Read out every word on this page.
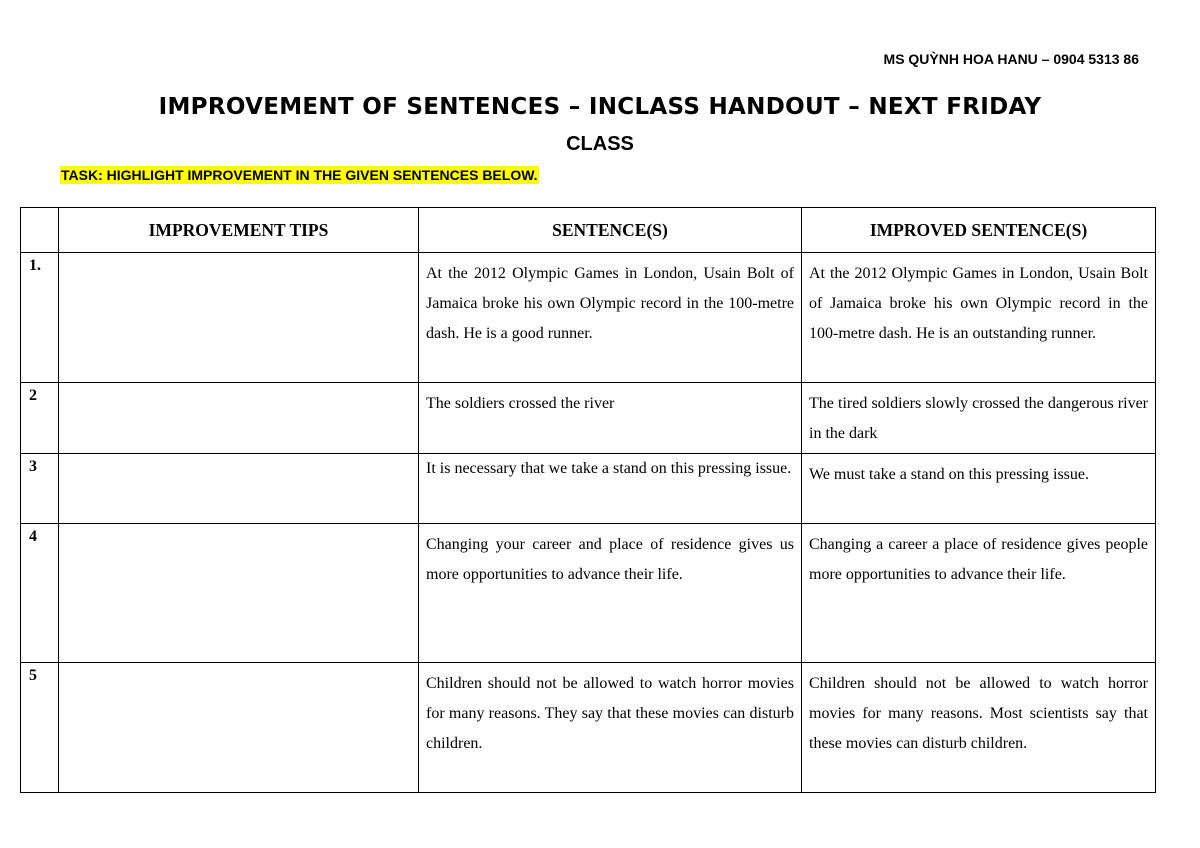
MS QUỲNH HOA HANU – 0904 5313 86
IMPROVEMENT OF SENTENCES – INCLASS HANDOUT – NEXT FRIDAY
CLASS
TASK: HIGHLIGHT IMPROVEMENT IN THE GIVEN SENTENCES BELOW.
	IMPROVEMENT TIPS	SENTENCE(S)	IMPROVED SENTENCE(S)
1.		At the 2012 Olympic Games in London, Usain Bolt of Jamaica broke his own Olympic record in the 100-metre dash. He is a good runner.	At the 2012 Olympic Games in London, Usain Bolt of Jamaica broke his own Olympic record in the 100-metre dash. He is an outstanding runner.
2		The soldiers crossed the river	The tired soldiers slowly crossed the dangerous river in the dark
3		It is necessary that we take a stand on this pressing issue.	We must take a stand on this pressing issue.
4		Changing your career and place of residence gives us more opportunities to advance their life.	Changing a career a place of residence gives people more opportunities to advance their life.
5		Children should not be allowed to watch horror movies for many reasons. They say that these movies can disturb children.	Children should not be allowed to watch horror movies for many reasons. Most scientists say that these movies can disturb children.
